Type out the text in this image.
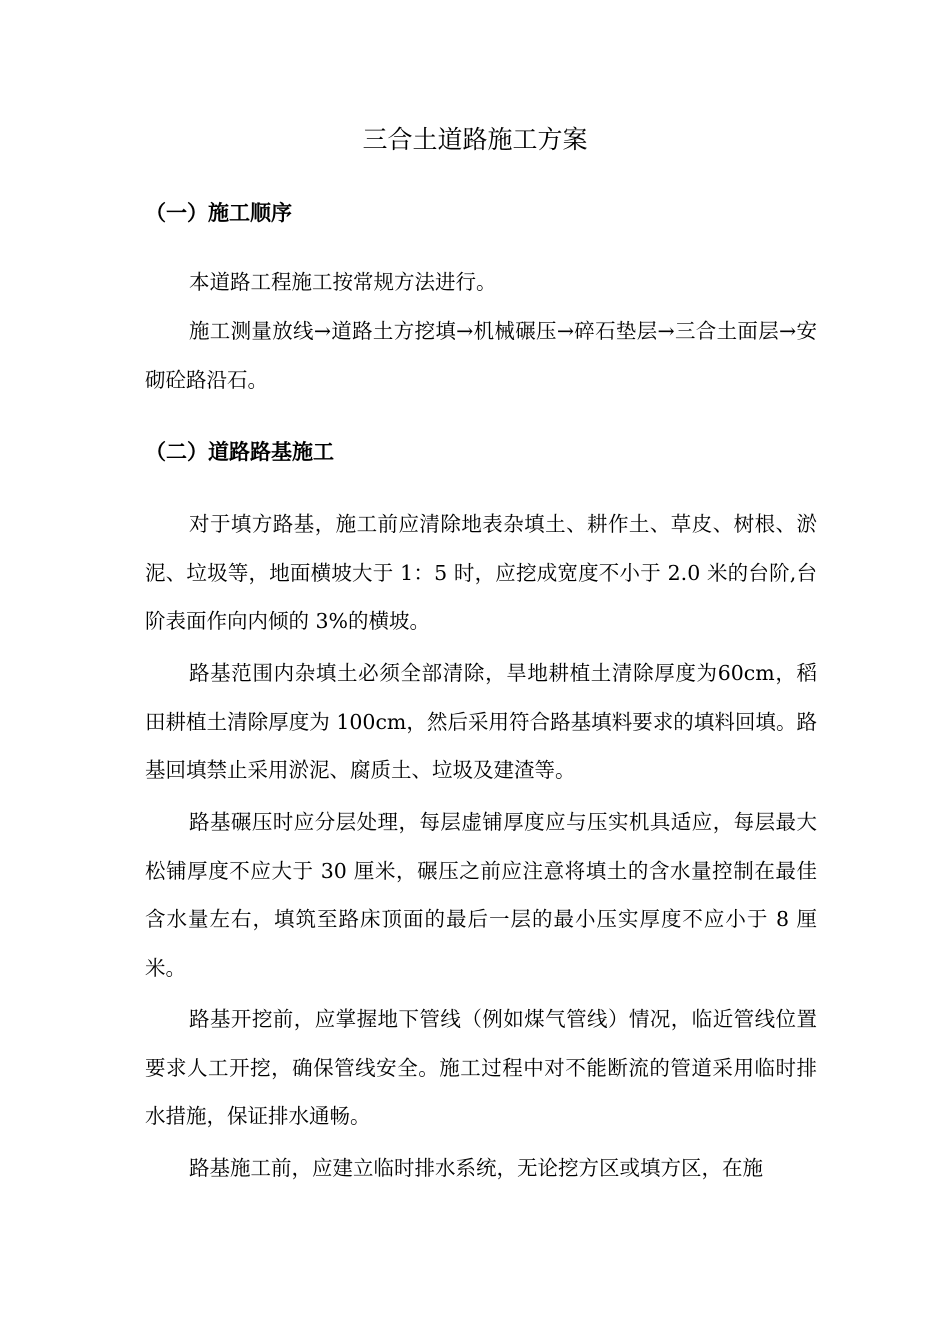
三合土道路施工方案
（一）施工顺序

本道路工程施工按常规方法进行。

施工测量放线→道路土方挖填→机械碾压→碎石垫层→三合土面层→安砌砼路沿石。

（二）道路路基施工

对于填方路基，施工前应清除地表杂填土、耕作土、草皮、树根、淤泥、垃圾等，地面横坡大于 1：5 时，应挖成宽度不小于 2.0 米的台阶,台阶表面作向内倾的 3%的横坡。

路基范围内杂填土必须全部清除，旱地耕植土清除厚度为60cm，稻田耕植土清除厚度为 100cm，然后采用符合路基填料要求的填料回填。路基回填禁止采用淤泥、腐质土、垃圾及建渣等。

路基碾压时应分层处理，每层虚铺厚度应与压实机具适应，每层最大松铺厚度不应大于 30 厘米，碾压之前应注意将填土的含水量控制在最佳含水量左右，填筑至路床顶面的最后一层的最小压实厚度不应小于 8 厘米。

路基开挖前，应掌握地下管线（例如煤气管线）情况，临近管线位置要求人工开挖，确保管线安全。施工过程中对不能断流的管道采用临时排水措施，保证排水通畅。

路基施工前，应建立临时排水系统，无论挖方区或填方区，在施
